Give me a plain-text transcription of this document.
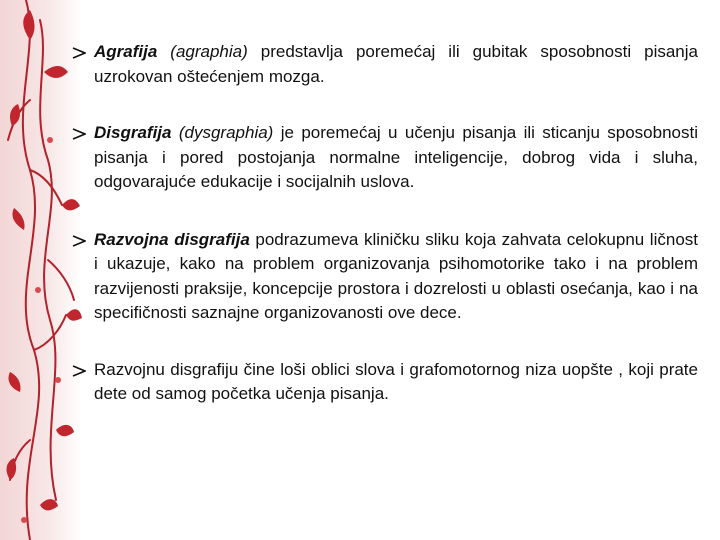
Agrafija (agraphia) predstavlja poremećaj ili gubitak sposobnosti pisanja uzrokovan oštećenjem mozga.
Disgrafija (dysgraphia) je poremećaj u učenju pisanja ili sticanju sposobnosti pisanja i pored postojanja normalne inteligencije, dobrog vida i sluha, odgovarajuće edukacije i socijalnih uslova.
Razvojna disgrafija podrazumeva kliničku sliku koja zahvata celokupnu ličnost i ukazuje, kako na problem organizovanja psihomotorike tako i na problem razvijenosti praksije, koncepcije prostora i dozrelosti u oblasti osećanja, kao i na specifičnosti saznajne organizovanosti ove dece.
Razvojnu disgrafiju čine loši oblici slova i grafomotornog niza uopšte , koji prate dete od samog početka učenja pisanja.
